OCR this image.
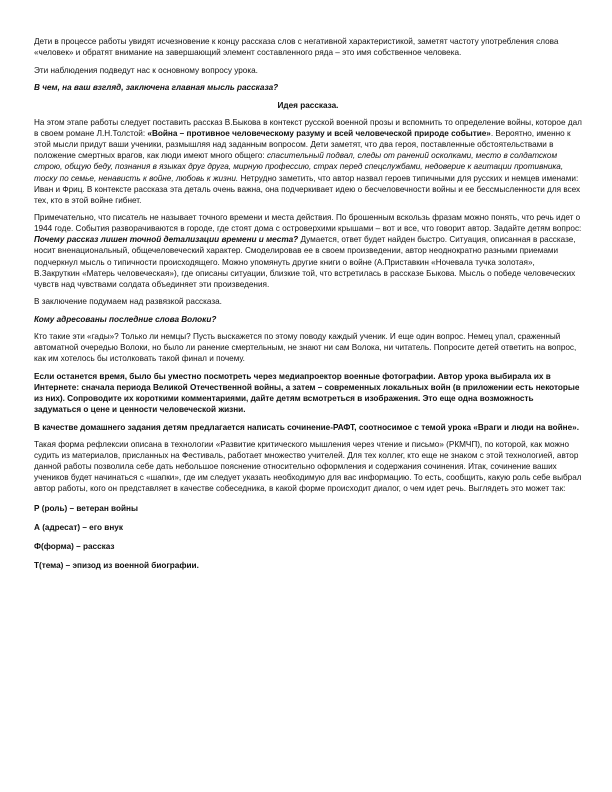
Дети в процессе работы увидят исчезновение к концу рассказа слов с негативной характеристикой, заметят частоту употребления слова «человек» и обратят внимание на завершающий элемент составленного ряда – это имя собственное человека.

Эти наблюдения подведут нас к основному вопросу урока.

В чем, на ваш взгляд, заключена главная мысль рассказа?

Идея рассказа.

На этом этапе работы следует поставить рассказ В.Быкова в контекст русской военной прозы и вспомнить то определение войны, которое дал в своем романе Л.Н.Толстой: «Война – противное человеческому разуму и всей человеческой природе событие». Вероятно, именно к этой мысли придут ваши ученики, размышляя над заданным вопросом. Дети заметят, что два героя, поставленные обстоятельствами в положение смертных врагов, как люди имеют много общего: спасительный подвал, следы от ранений осколками, место в солдатском строю, общую беду, познания в языках друг друга, мирную профессию, страх перед спецслужбами, недоверие к агитации противника, тоску по семье, ненависть к войне, любовь к жизни. Нетрудно заметить, что автор назвал героев типичными для русских и немцев именами: Иван и Фриц. В контексте рассказа эта деталь очень важна, она подчеркивает идею о бесчеловечности войны и ее бессмысленности для всех тех, кто в этой войне гибнет.

Примечательно, что писатель не называет точного времени и места действия. По брошенным вскользь фразам можно понять, что речь идет о 1944 годе. События разворачиваются в городе, где стоят дома с островерхими крышами – вот и все, что говорит автор. Задайте детям вопрос: Почему рассказ лишен точной детализации времени и места? Думается, ответ будет найден быстро. Ситуация, описанная в рассказе, носит вненациональный, общечеловеческий характер. Смоделировав ее в своем произведении, автор неоднократно разными приемами подчеркнул мысль о типичности происходящего. Можно упомянуть другие книги о войне (А.Приставкин «Ночевала тучка золотая», В.Закруткин «Матерь человеческая»), где описаны ситуации, близкие той, что встретилась в рассказе Быкова. Мысль о победе человеческих чувств над чувствами солдата объединяет эти произведения.

В заключение подумаем над развязкой рассказа.

Кому адресованы последние слова Волоки?

Кто такие эти «гады»? Только ли немцы? Пусть выскажется по этому поводу каждый ученик. И еще один вопрос. Немец упал, сраженный автоматной очередью Волоки, но было ли ранение смертельным, не знают ни сам Волока, ни читатель. Попросите детей ответить на вопрос, как им хотелось бы истолковать такой финал и почему.

Если останется время, было бы уместно посмотреть через медиапроектор военные фотографии. Автор урока выбирала их в Интернете: сначала периода Великой Отечественной войны, а затем – современных локальных войн (в приложении есть некоторые из них). Сопроводите их короткими комментариями, дайте детям всмотреться в изображения. Это еще одна возможность задуматься о цене и ценности человеческой жизни.

В качестве домашнего задания детям предлагается написать сочинение-РАФТ, соотносимое с темой урока «Враги и люди на войне».

Такая форма рефлексии описана в технологии «Развитие критического мышления через чтение и письмо» (РКМЧП), по которой, как можно судить из материалов, присланных на Фестиваль, работает множество учителей. Для тех коллег, кто еще не знаком с этой технологией, автор данной работы позволила себе дать небольшое пояснение относительно оформления и содержания сочинения. Итак, сочинение ваших учеников будет начинаться с «шапки», где им следует указать необходимую для вас информацию. То есть, сообщить, какую роль себе выбрал автор работы, кого он представляет в качестве собеседника, в какой форме происходит диалог, о чем идет речь. Выглядеть это может так:

Р (роль) – ветеран войны

А (адресат) – его внук

Ф(форма) – рассказ

Т(тема) – эпизод из военной биографии.
